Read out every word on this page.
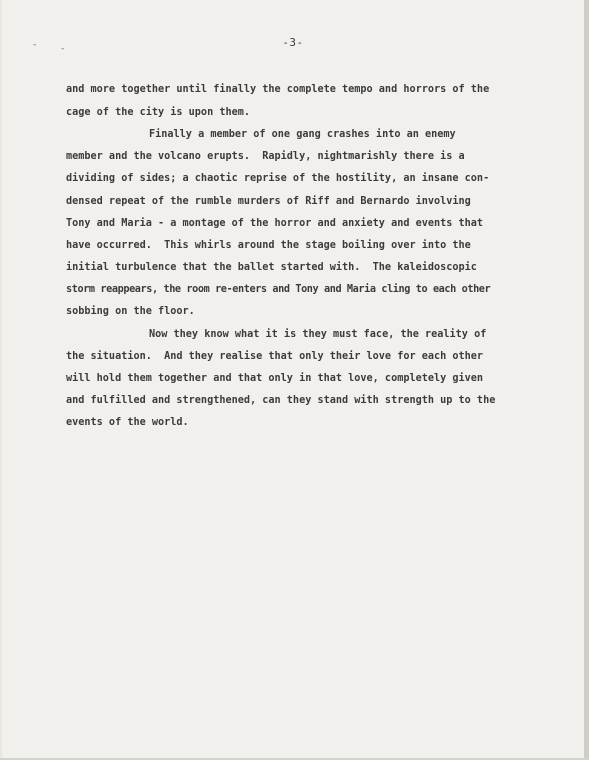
-	-	-3-
and more together until finally the complete tempo and horrors of the
cage of the city is upon them.
Finally a member of one gang crashes into an enemy
member and the volcano erupts.  Rapidly, nightmarishly there is a
dividing of sides; a chaotic reprise of the hostility, an insane con-
densed repeat of the rumble murders of Riff and Bernardo involving
Tony and Maria - a montage of the horror and anxiety and events that
have occurred.  This whirls around the stage boiling over into the
initial turbulence that the ballet started with.  The kaleidoscopic
storm reappears, the room re-enters and Tony and Maria cling to each other
sobbing on the floor.
Now they know what it is they must face, the reality of
the situation.  And they realise that only their love for each other
will hold them together and that only in that love, completely given
and fulfilled and strengthened, can they stand with strength up to the
events of the world.
